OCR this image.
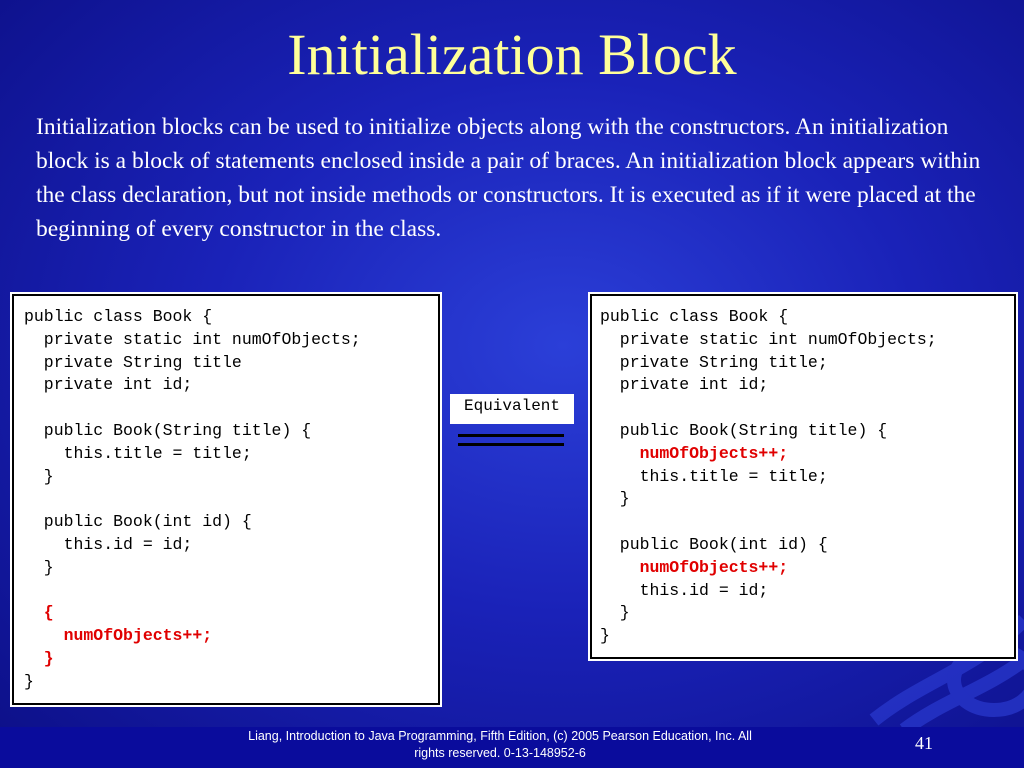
Initialization Block

Initialization blocks can be used to initialize objects along with the constructors. An initialization block is a block of statements enclosed inside a pair of braces. An initialization block appears within the class declaration, but not inside methods or constructors. It is executed as if it were placed at the beginning of every constructor in the class.

public class Book {
private static int numOfObjects;
private String title
private int id;

public Book(String title) {
this.title = title;
}

public Book(int id) {
this.id = id;
}

{
numOfObjects++;
}
}
Equivalent
public class Book {
private static int numOfObjects;
private String title;
private int id;

public Book(String title) {
numOfObjects++;
this.title = title;
}

public Book(int id) {
numOfObjects++;
this.id = id;
}
}
Liang, Introduction to Java Programming, Fifth Edition, (c) 2005 Pearson Education, Inc. All
rights reserved. 0-13-148952-6	41
